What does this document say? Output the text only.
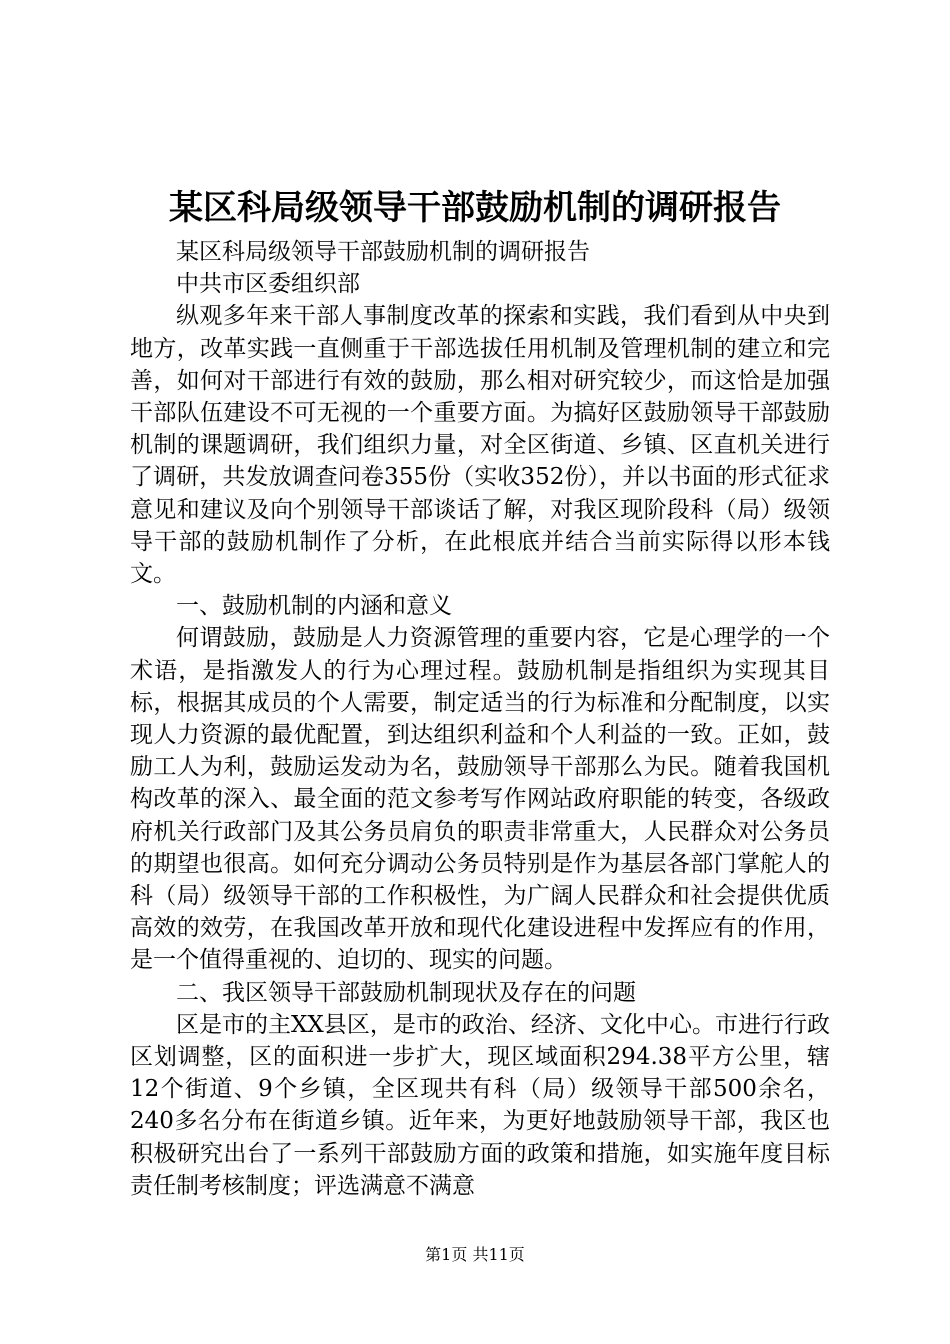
某区科局级领导干部鼓励机制的调研报告

某区科局级领导干部鼓励机制的调研报告

中共市区委组织部

纵观多年来干部人事制度改革的探索和实践，我们看到从中央到地方，改革实践一直侧重于干部选拔任用机制及管理机制的建立和完善，如何对干部进行有效的鼓励，那么相对研究较少，而这恰是加强干部队伍建设不可无视的一个重要方面。为搞好区鼓励领导干部鼓励机制的课题调研，我们组织力量，对全区街道、乡镇、区直机关进行了调研，共发放调查问卷355份（实收352份），并以书面的形式征求意见和建议及向个别领导干部谈话了解，对我区现阶段科（局）级领导干部的鼓励机制作了分析，在此根底并结合当前实际得以形本钱文。

一、鼓励机制的内涵和意义

何谓鼓励，鼓励是人力资源管理的重要内容，它是心理学的一个术语，是指激发人的行为心理过程。鼓励机制是指组织为实现其目标，根据其成员的个人需要，制定适当的行为标准和分配制度，以实现人力资源的最优配置，到达组织利益和个人利益的一致。正如，鼓励工人为利，鼓励运发动为名，鼓励领导干部那么为民。随着我国机构改革的深入、最全面的范文参考写作网站政府职能的转变，各级政府机关行政部门及其公务员肩负的职责非常重大，人民群众对公务员的期望也很高。如何充分调动公务员特别是作为基层各部门掌舵人的科（局）级领导干部的工作积极性，为广阔人民群众和社会提供优质高效的效劳，在我国改革开放和现代化建设进程中发挥应有的作用，是一个值得重视的、迫切的、现实的问题。

二、我区领导干部鼓励机制现状及存在的问题

区是市的主XX县区，是市的政治、经济、文化中心。市进行行政区划调整，区的面积进一步扩大，现区域面积294.38平方公里，辖12个街道、9个乡镇，全区现共有科（局）级领导干部500余名，240多名分布在街道乡镇。近年来，为更好地鼓励领导干部，我区也积极研究出台了一系列干部鼓励方面的政策和措施，如实施年度目标责任制考核制度；评选满意不满意

第1页 共11页
